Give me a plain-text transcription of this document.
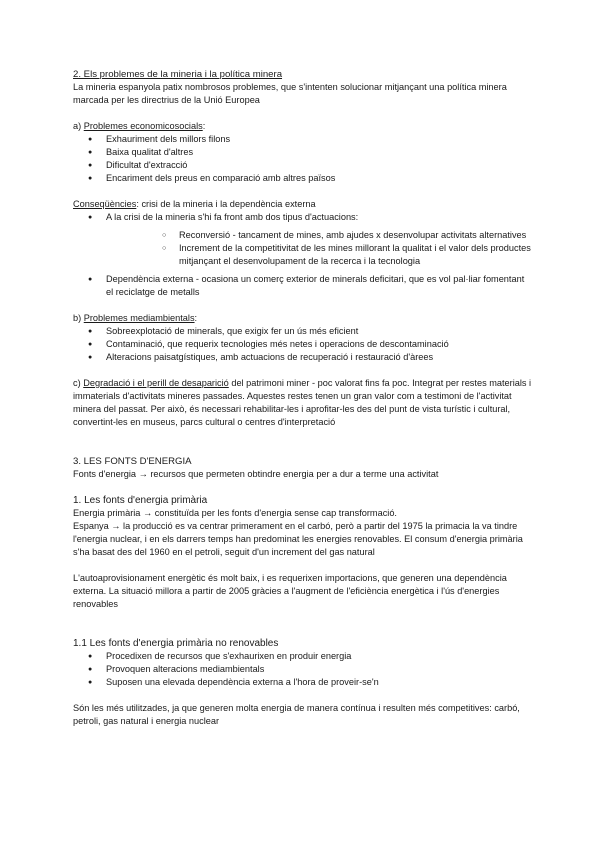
2. Els problemes de la mineria i la política minera

La mineria espanyola patix nombrosos problemes, que s'intenten solucionar mitjançant una política minera marcada per les directrius de la Unió Europea

a) Problemes economicosocials:

● Exhauriment dels millors filons
● Baixa qualitat d'altres
● Dificultat d'extracció
● Encariment dels preus en comparació amb altres països

Conseqüències: crisi de la mineria i la dependència externa

● A la crisi de la mineria s'hi fa front amb dos tipus d'actuacions:
○ Reconversió - tancament de mines, amb ajudes x desenvolupar activitats alternatives
○ Increment de la competitivitat de les mines millorant la qualitat i el valor dels productes mitjançant el desenvolupament de la recerca i la tecnologia
● Dependència externa - ocasiona un comerç exterior de minerals deficitari, que es vol pal·liar fomentant el reciclatge de metalls

b) Problemes mediambientals:

● Sobreexplotació de minerals, que exigix fer un ús més eficient
● Contaminació, que requerix tecnologies més netes i operacions de descontaminació
● Alteracions paisatgístiques, amb actuacions de recuperació i restauració d'àrees

c) Degradació i el perill de desaparició del patrimoni miner - poc valorat fins fa poc. Integrat per restes materials i immaterials d'activitats mineres passades. Aquestes restes tenen un gran valor com a testimoni de l'activitat minera del passat. Per això, és necessari rehabilitar-les i aprofitar-les des del punt de vista turístic i cultural, convertint-les en museus, parcs cultural o centres d'interpretació

3. LES FONTS D'ENERGIA

Fonts d'energia → recursos que permeten obtindre energia per a dur a terme una activitat

1. Les fonts d'energia primària

Energia primària → constituïda per les fonts d'energia sense cap transformació.

Espanya → la producció es va centrar primerament en el carbó, però a partir del 1975 la primacia la va tindre l'energia nuclear, i en els darrers temps han predominat les energies renovables. El consum d'energia primària s'ha basat des del 1960 en el petroli, seguit d'un increment del gas natural

L'autoaprovisionament energètic és molt baix, i es requerixen importacions, que generen una dependència externa. La situació millora a partir de 2005 gràcies a l'augment de l'eficiència energètica i l'ús d'energies renovables

1.1 Les fonts d'energia primària no renovables

● Procedixen de recursos que s'exhaurixen en produir energia
● Provoquen alteracions mediambientals
● Suposen una elevada dependència externa a l'hora de proveir-se'n

Són les més utilitzades, ja que generen molta energia de manera contínua i resulten més competitives: carbó, petroli, gas natural i energia nuclear
